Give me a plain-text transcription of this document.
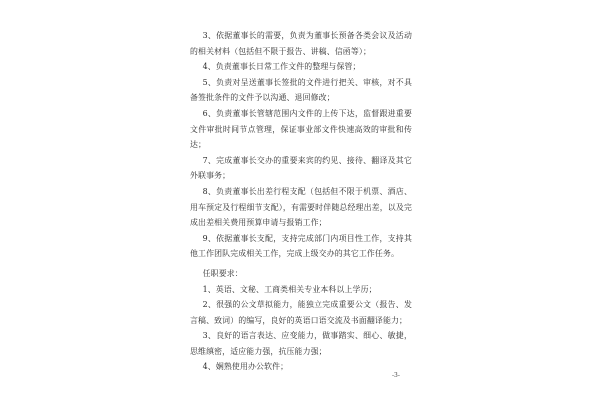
3、依据董事长的需要，负责为董事长预备各类会议及活动的相关材料（包括但不限于报告、讲稿、信函等）；

4、负责董事长日常工作文件的整理与保管；

5、负责对呈送董事长签批的文件进行把关、审核，对不具备签批条件的文件予以沟通、退回修改；

6、负责董事长管辖范围内文件的上传下达，监督跟进重要文件审批时间节点管理，保证事业部文件快速高效的审批和传达；

7、完成董事长交办的重要来宾的约见、接待、翻译及其它外联事务；

8、负责董事长出差行程支配（包括但不限于机票、酒店、用车预定及行程细节支配），有需要时伴随总经理出差，以及完成出差相关费用预算申请与报销工作；

9、依据董事长支配，支持完成部门内项目性工作，支持其他工作团队完成相关工作，完成上级交办的其它工作任务。

任职要求：

1、英语、文秘、工商类相关专业本科以上学历；

2、很强的公文草拟能力，能独立完成重要公文（报告、发言稿、致词）的编写，良好的英语口语交流及书面翻译能力；

3、良好的语言表达、应变能力，做事踏实、细心、敏捷，思维缜密，适应能力强，抗压能力强；

4、娴熟使用办公软件；

-3-
